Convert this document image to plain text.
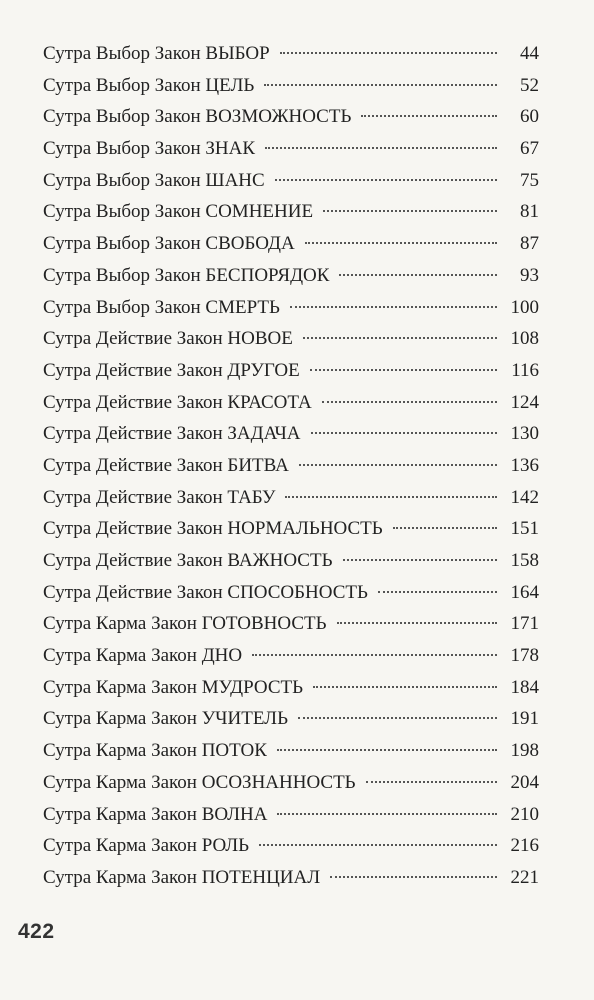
Сутра Выбор Закон ВЫБОР	44
Сутра Выбор Закон ЦЕЛЬ	52
Сутра Выбор Закон ВОЗМОЖНОСТЬ	60
Сутра Выбор Закон ЗНАК	67
Сутра Выбор Закон ШАНС	75
Сутра Выбор Закон СОМНЕНИЕ	81
Сутра Выбор Закон СВОБОДА	87
Сутра Выбор Закон БЕСПОРЯДОК	93
Сутра Выбор Закон СМЕРТЬ	100
Сутра Действие Закон НОВОЕ	108
Сутра Действие Закон ДРУГОЕ	116
Сутра Действие Закон КРАСОТА	124
Сутра Действие Закон ЗАДАЧА	130
Сутра Действие Закон БИТВА	136
Сутра Действие Закон ТАБУ	142
Сутра Действие Закон НОРМАЛЬНОСТЬ	151
Сутра Действие Закон ВАЖНОСТЬ	158
Сутра Действие Закон СПОСОБНОСТЬ	164
Сутра Карма Закон ГОТОВНОСТЬ	171
Сутра Карма Закон ДНО	178
Сутра Карма Закон МУДРОСТЬ	184
Сутра Карма Закон УЧИТЕЛЬ	191
Сутра Карма Закон ПОТОК	198
Сутра Карма Закон ОСОЗНАННОСТЬ	204
Сутра Карма Закон ВОЛНА	210
Сутра Карма Закон РОЛЬ	216
Сутра Карма Закон ПОТЕНЦИАЛ	221
422
